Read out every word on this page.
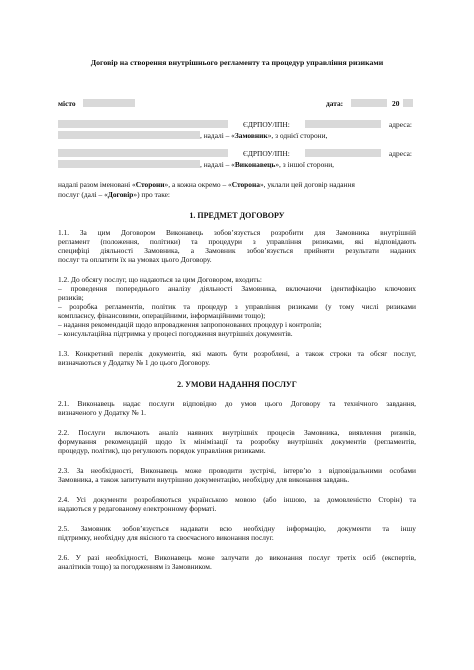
Договір на створення внутрішнього регламенту та процедур управління ризиками
місто	дата:	20
ЄДРПОУ/ІПН:	адреса:
, надалі – «Замовник», з однієї сторони,
ЄДРПОУ/ІПН:	адреса:
, надалі – «Виконавець», з іншої сторони,
надалі разом іменовані «Сторони», а кожна окремо – «Сторона», уклали цей договір надання
послуг (далі – «Договір») про таке:
1. ПРЕДМЕТ ДОГОВОРУ
1.1. За цим Договором Виконавець зобов’язується розробити для Замовника внутрішній
регламент (положення, політики) та процедури з управління ризиками, які відповідають
специфіці діяльності Замовника, а Замовник зобов’язується прийняти результати наданих
послуг та оплатити їх на умовах цього Договору.
1.2. До обсягу послуг, що надаються за цим Договором, входить:
– проведення попереднього аналізу діяльності Замовника, включаючи ідентифікацію ключових
ризиків;
– розробка регламентів, політик та процедур з управління ризиками (у тому числі ризиками
комплаєнсу, фінансовими, операційними, інформаційними тощо);
– надання рекомендацій щодо впровадження запропонованих процедур і контролів;
– консультаційна підтримка у процесі погодження внутрішніх документів.
1.3. Конкретний перелік документів, які мають бути розроблені, а також строки та обсяг послуг,
визначаються у Додатку № 1 до цього Договору.
2. УМОВИ НАДАННЯ ПОСЛУГ
2.1. Виконавець надає послуги відповідно до умов цього Договору та технічного завдання,
визначеного у Додатку № 1.
2.2. Послуги включають аналіз наявних внутрішніх процесів Замовника, виявлення ризиків,
формування рекомендацій щодо їх мінімізації та розробку внутрішніх документів (регламентів,
процедур, політик), що регулюють порядок управління ризиками.
2.3. За необхідності, Виконавець може проводити зустрічі, інтерв’ю з відповідальними особами
Замовника, а також запитувати внутрішню документацію, необхідну для виконання завдань.
2.4. Усі документи розробляються українською мовою (або іншою, за домовленістю Сторін) та
надаються у редагованому електронному форматі.
2.5. Замовник зобов’язується надавати всю необхідну інформацію, документи та іншу
підтримку, необхідну для якісного та своєчасного виконання послуг.
2.6. У разі необхідності, Виконавець може залучати до виконання послуг третіх осіб (експертів,
аналітиків тощо) за погодженням із Замовником.
